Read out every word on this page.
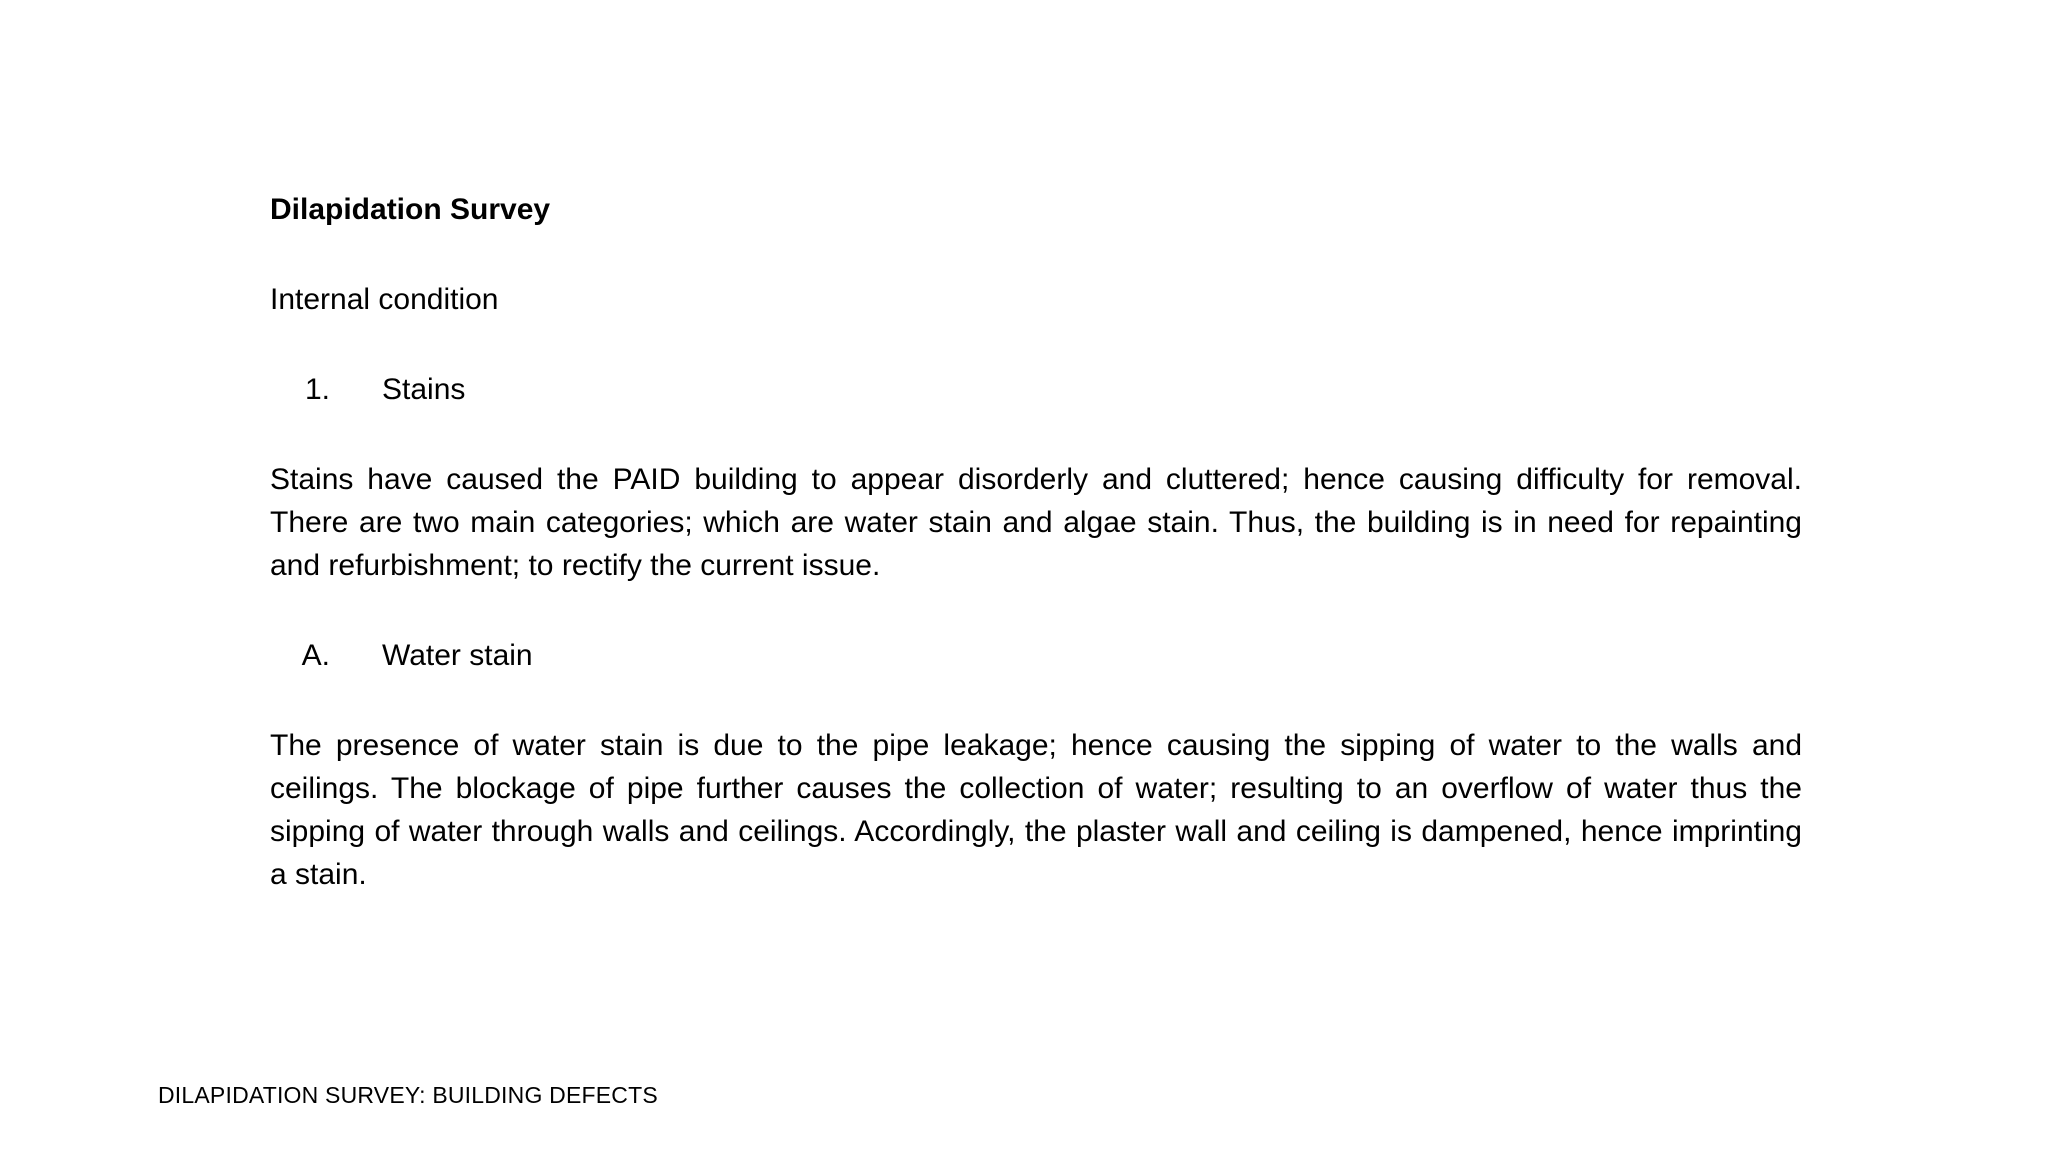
Dilapidation Survey

Internal condition

1. Stains

Stains have caused the PAID building to appear disorderly and cluttered; hence causing difficulty for removal. There are two main categories; which are water stain and algae stain. Thus, the building is in need for repainting and refurbishment; to rectify the current issue.

A. Water stain

The presence of water stain is due to the pipe leakage; hence causing the sipping of water to the walls and ceilings. The blockage of pipe further causes the collection of water; resulting to an overflow of water thus the sipping of water through walls and ceilings. Accordingly, the plaster wall and ceiling is dampened, hence imprinting a stain.

DILAPIDATION SURVEY: BUILDING DEFECTS
